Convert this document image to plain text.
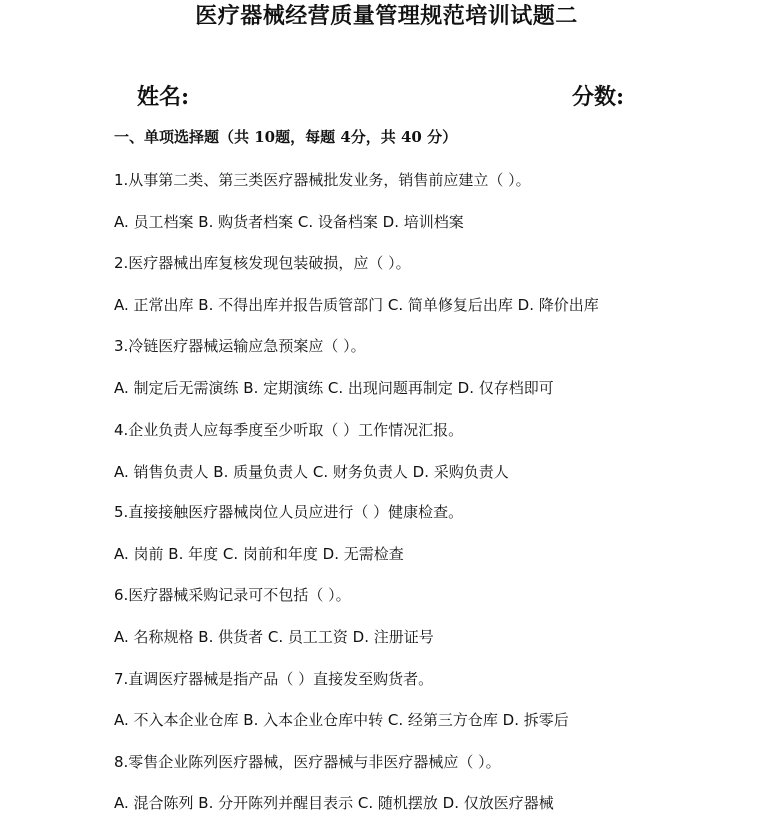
医疗器械经营质量管理规范培训试题二
姓名:	分数:
一、单项选择题（共 10题，每题 4分，共 40 分）
1.从事第二类、第三类医疗器械批发业务，销售前应建立（ ）。
A. 员工档案 B. 购货者档案 C. 设备档案 D. 培训档案
2.医疗器械出库复核发现包装破损，应（ ）。
A. 正常出库 B. 不得出库并报告质管部门 C. 简单修复后出库 D. 降价出库
3.冷链医疗器械运输应急预案应（ ）。
A. 制定后无需演练 B. 定期演练 C. 出现问题再制定 D. 仅存档即可
4.企业负责人应每季度至少听取（ ）工作情况汇报。
A. 销售负责人 B. 质量负责人 C. 财务负责人 D. 采购负责人
5.直接接触医疗器械岗位人员应进行（ ）健康检查。
A. 岗前 B. 年度 C. 岗前和年度 D. 无需检查
6.医疗器械采购记录可不包括（ ）。
A. 名称规格 B. 供货者 C. 员工工资 D. 注册证号
7.直调医疗器械是指产品（ ）直接发至购货者。
A. 不入本企业仓库 B. 入本企业仓库中转 C. 经第三方仓库 D. 拆零后
8.零售企业陈列医疗器械，医疗器械与非医疗器械应（ ）。
A. 混合陈列 B. 分开陈列并醒目表示 C. 随机摆放 D. 仅放医疗器械
